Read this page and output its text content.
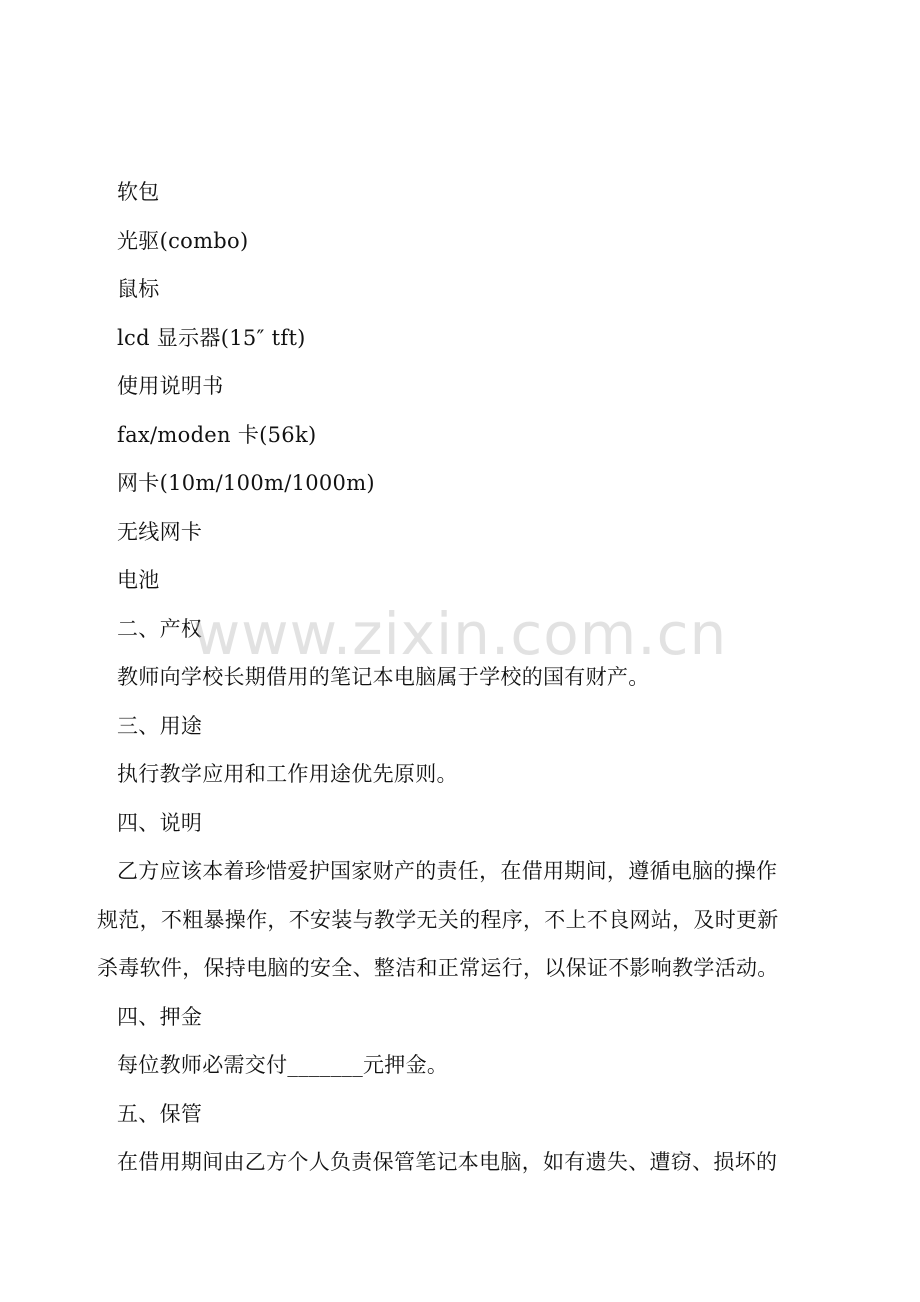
软包
光驱(combo)
鼠标
lcd 显示器(15″ tft)
使用说明书
fax/moden 卡(56k)
网卡(10m/100m/1000m)
无线网卡
电池
二、产权
教师向学校长期借用的笔记本电脑属于学校的国有财产。
三、用途
执行教学应用和工作用途优先原则。
四、说明
乙方应该本着珍惜爱护国家财产的责任，在借用期间，遵循电脑的操作
规范，不粗暴操作，不安装与教学无关的程序，不上不良网站，及时更新
杀毒软件，保持电脑的安全、整洁和正常运行，以保证不影响教学活动。
四、押金
每位教师必需交付_______元押金。
五、保管
在借用期间由乙方个人负责保管笔记本电脑，如有遗失、遭窃、损坏的
www.zixin.com.cn
